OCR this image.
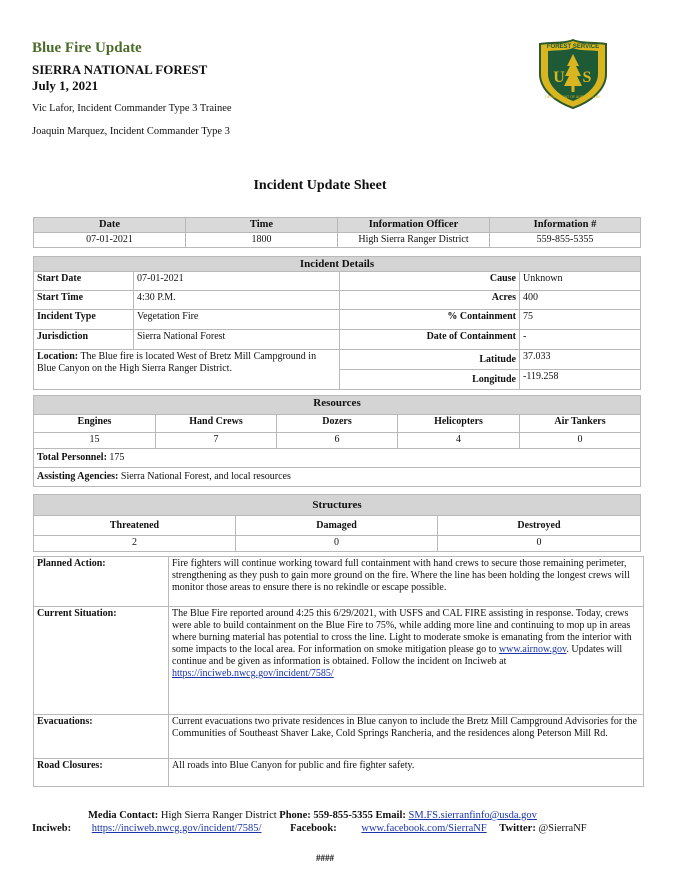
Blue Fire Update
SIERRA NATIONAL FOREST
July 1, 2021
Vic Lafor, Incident Commander Type 3 Trainee
Joaquin Marquez, Incident Commander Type 3
FOREST SERVICE
U S
DEPARTMENT OF AGRICULTURE
Incident Update Sheet
Date	Time	Information Officer	Information #
07-01-2021	1800	High Sierra Ranger District	559-855-5355
Incident Details			
Start Date	07-01-2021	Cause	Unknown
Start Time	4:30 P.M.	Acres	400
Incident Type	Vegetation Fire	% Containment	75
Jurisdiction	Sierra National Forest	Date of Containment	-
Location: The Blue fire is located West of Bretz Mill Campground in Blue Canyon on the High Sierra Ranger District.		Latitude	37.033
		Longitude	-119.258
Resources				
Engines	Hand Crews	Dozers	Helicopters	Air Tankers
15	7	6	4	0
Total Personnel: 175				
Assisting Agencies: Sierra National Forest, and local resources				
Structures		
Threatened	Damaged	Destroyed
2	0	0
Planned Action:	Fire fighters will continue working toward full containment with hand crews to secure those remaining perimeter, strengthening as they push to gain more ground on the fire. Where the line has been holding the longest crews will monitor those areas to ensure there is no rekindle or escape possible.
Current Situation:	The Blue Fire reported around 4:25 this 6/29/2021, with USFS and CAL FIRE assisting in response. Today, crews were able to build containment on the Blue Fire to 75%, while adding more line and continuing to mop up in areas where burning material has potential to cross the line. Light to moderate smoke is emanating from the interior with some impacts to the local area. For information on smoke mitigation please go to www.airnow.gov. Updates will continue and be given as information is obtained. Follow the incident on Inciweb at https://inciweb.nwcg.gov/incident/7585/
Evacuations:	Current evacuations two private residences in Blue canyon to include the Bretz Mill Campground Advisories for the Communities of Southeast Shaver Lake, Cold Springs Rancheria, and the residences along Peterson Mill Rd.
Road Closures:	All roads into Blue Canyon for public and fire fighter safety.
Media Contact: High Sierra Ranger District Phone: 559-855-5355 Email: SM.FS.sierranfinfo@usda.gov
Inciweb: https://inciweb.nwcg.gov/incident/7585/	Facebook: www.facebook.com/SierraNF Twitter: @SierraNF
####
